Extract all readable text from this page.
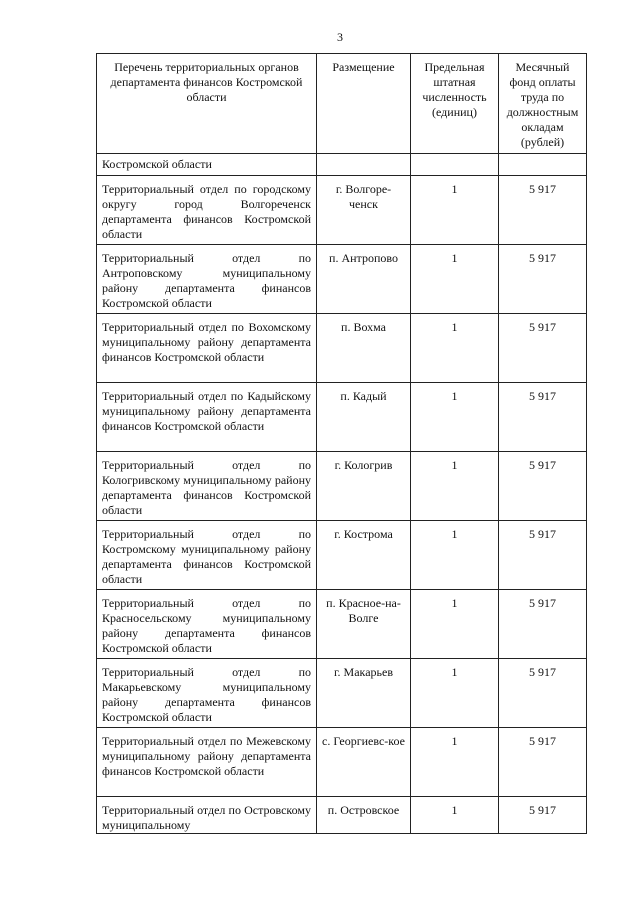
3
Перечень территориальных органов департамента финансов Костромской области	Размещение	Предельная штатная численность (единиц)	Месячный фонд оплаты труда по должностным окладам (рублей)
Костромской области			
Территориальный отдел по городскому округу город Волгореченск департамента финансов Костромской области	г. Волгоре-ченск	1	5 917
Территориальный отдел по Антроповскому муниципальному району департамента финансов Костромской области	п. Антропово	1	5 917
Территориальный отдел по Вохомскому муниципальному району департамента финансов Костромской области	п. Вохма	1	5 917
Территориальный отдел по Кадыйскому муниципальному району департамента финансов Костромской области	п. Кадый	1	5 917
Территориальный отдел по Кологривскому муниципальному району департамента финансов Костромской области	г. Кологрив	1	5 917
Территориальный отдел по Костромскому муниципальному району департамента финансов Костромской области	г. Кострома	1	5 917
Территориальный отдел по Красносельскому муниципальному району департамента финансов Костромской области	п. Красное-на-Волге	1	5 917
Территориальный отдел по Макарьевскому муниципальному району департамента финансов Костромской области	г. Макарьев	1	5 917
Территориальный отдел по Межевскому муниципальному району департамента финансов Костромской области	с. Георгиевс-кое	1	5 917
Территориальный отдел по Островскому муниципальному	п. Островское	1	5 917
